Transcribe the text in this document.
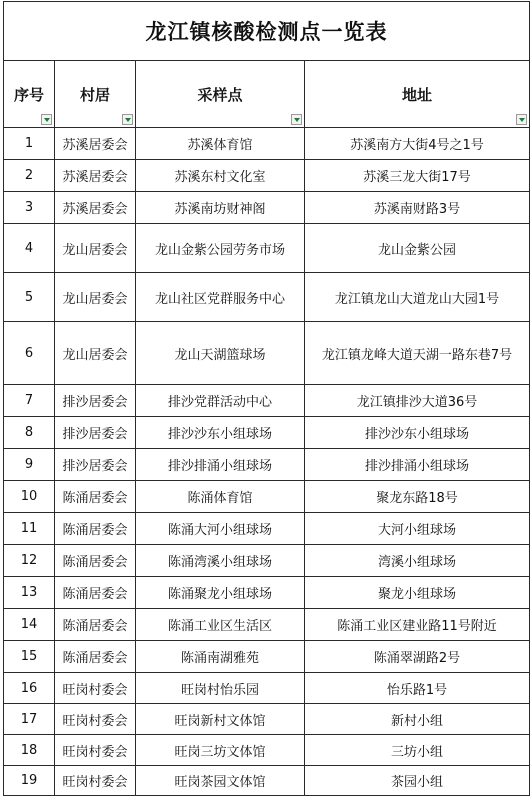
龙江镇核酸检测点一览表			
序号	村居	采样点	地址

1	苏溪居委会	苏溪体育馆	苏溪南方大街4号之1号
2	苏溪居委会	苏溪东村文化室	苏溪三龙大街17号
3	苏溪居委会	苏溪南坊财神阁	苏溪南财路3号
4	龙山居委会	龙山金紫公园劳务市场	龙山金紫公园
5	龙山居委会	龙山社区党群服务中心	龙江镇龙山大道龙山大园1号
6	龙山居委会	龙山天湖篮球场	龙江镇龙峰大道天湖一路东巷7号
7	排沙居委会	排沙党群活动中心	龙江镇排沙大道36号
8	排沙居委会	排沙沙东小组球场	排沙沙东小组球场
9	排沙居委会	排沙排涌小组球场	排沙排涌小组球场
10	陈涌居委会	陈涌体育馆	聚龙东路18号
11	陈涌居委会	陈涌大河小组球场	大河小组球场
12	陈涌居委会	陈涌湾溪小组球场	湾溪小组球场
13	陈涌居委会	陈涌聚龙小组球场	聚龙小组球场
14	陈涌居委会	陈涌工业区生活区	陈涌工业区建业路11号附近
15	陈涌居委会	陈涌南湖雅苑	陈涌翠湖路2号
16	旺岗村委会	旺岗村怡乐园	怡乐路1号
17	旺岗村委会	旺岗新村文体馆	新村小组
18	旺岗村委会	旺岗三坊文体馆	三坊小组
19	旺岗村委会	旺岗茶园文体馆	茶园小组
